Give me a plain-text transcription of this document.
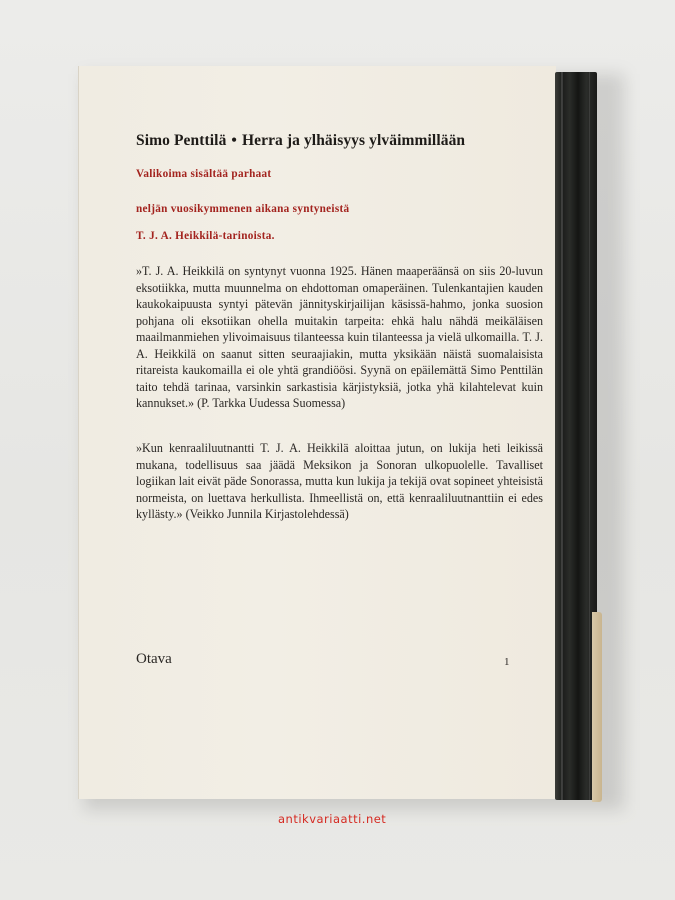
Simo Penttilä • Herra ja ylhäisyys ylväimmillään
Valikoima sisältää parhaat
neljän vuosikymmenen aikana syntyneistä
T. J. A. Heikkilä-tarinoista.

»T. J. A. Heikkilä on syntynyt vuonna 1925. Hänen maaperäänsä on siis 20-luvun eksotiikka, mutta muunnelma on ehdottoman omaperäinen. Tulenkantajien kauden kaukokaipuusta syntyi pätevän jännityskirjailijan käsissä-hahmo, jonka suosion pohjana oli eksotiikan ohella muitakin tarpeita: ehkä halu nähdä meikäläisen maailmanmiehen ylivoimaisuus tilanteessa kuin tilanteessa ja vielä ulkomailla. T. J. A. Heikkilä on saanut sitten seuraajiakin, mutta yksikään näistä suomalaisista ritareista kaukomailla ei ole yhtä grandiöösi. Syynä on epäilemättä Simo Penttilän taito tehdä tarinaa, varsinkin sarkastisia kärjistyksiä, jotka yhä kilahtelevat kuin kannukset.» (P. Tarkka Uudessa Suomessa)

»Kun kenraaliluutnantti T. J. A. Heikkilä aloittaa jutun, on lukija heti leikissä mukana, todellisuus saa jäädä Meksikon ja Sonoran ulkopuolelle. Tavalliset logiikan lait eivät päde Sonorassa, mutta kun lukija ja tekijä ovat sopineet yhteisistä normeista, on luettava herkullista. Ihmeellistä on, että kenraaliluutnanttiin ei edes kyllästy.» (Veikko Junnila Kirjastolehdessä)

Otava	1
antikvariaatti.net
